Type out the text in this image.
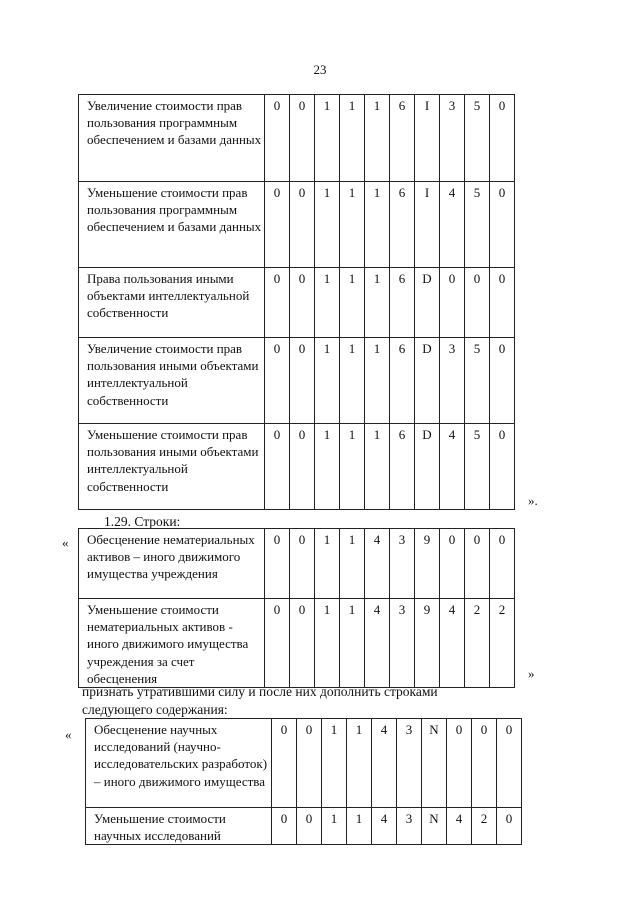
23
Увеличение стоимости прав пользования программным обеспечением и базами данных	0	0	1	1	1	6	I	3	5	0
Уменьшение стоимости прав пользования программным обеспечением и базами данных	0	0	1	1	1	6	I	4	5	0
Права пользования иными объектами интеллектуальной собственности	0	0	1	1	1	6	D	0	0	0
Увеличение стоимости прав пользования иными объектами интеллектуальной собственности	0	0	1	1	1	6	D	3	5	0
Уменьшение стоимости прав пользования иными объектами интеллектуальной собственности	0	0	1	1	1	6	D	4	5	0
».
1.29. Строки:
« Обесценение нематериальных активов – иного движимого имущества учреждения	0	0	1	1	4	3	9	0	0	0
Уменьшение стоимости нематериальных активов - иного движимого имущества учреждения за счет обесценения	0	0	1	1	4	3	9	4	2	2
»
признать утратившими силу и после них дополнить строками
следующего содержания:
« Обесценение научных исследований (научно-исследовательских разработок) – иного движимого имущества	0	0	1	1	4	3	N	0	0	0
Уменьшение стоимости научных исследований	0	0	1	1	4	3	N	4	2	0
